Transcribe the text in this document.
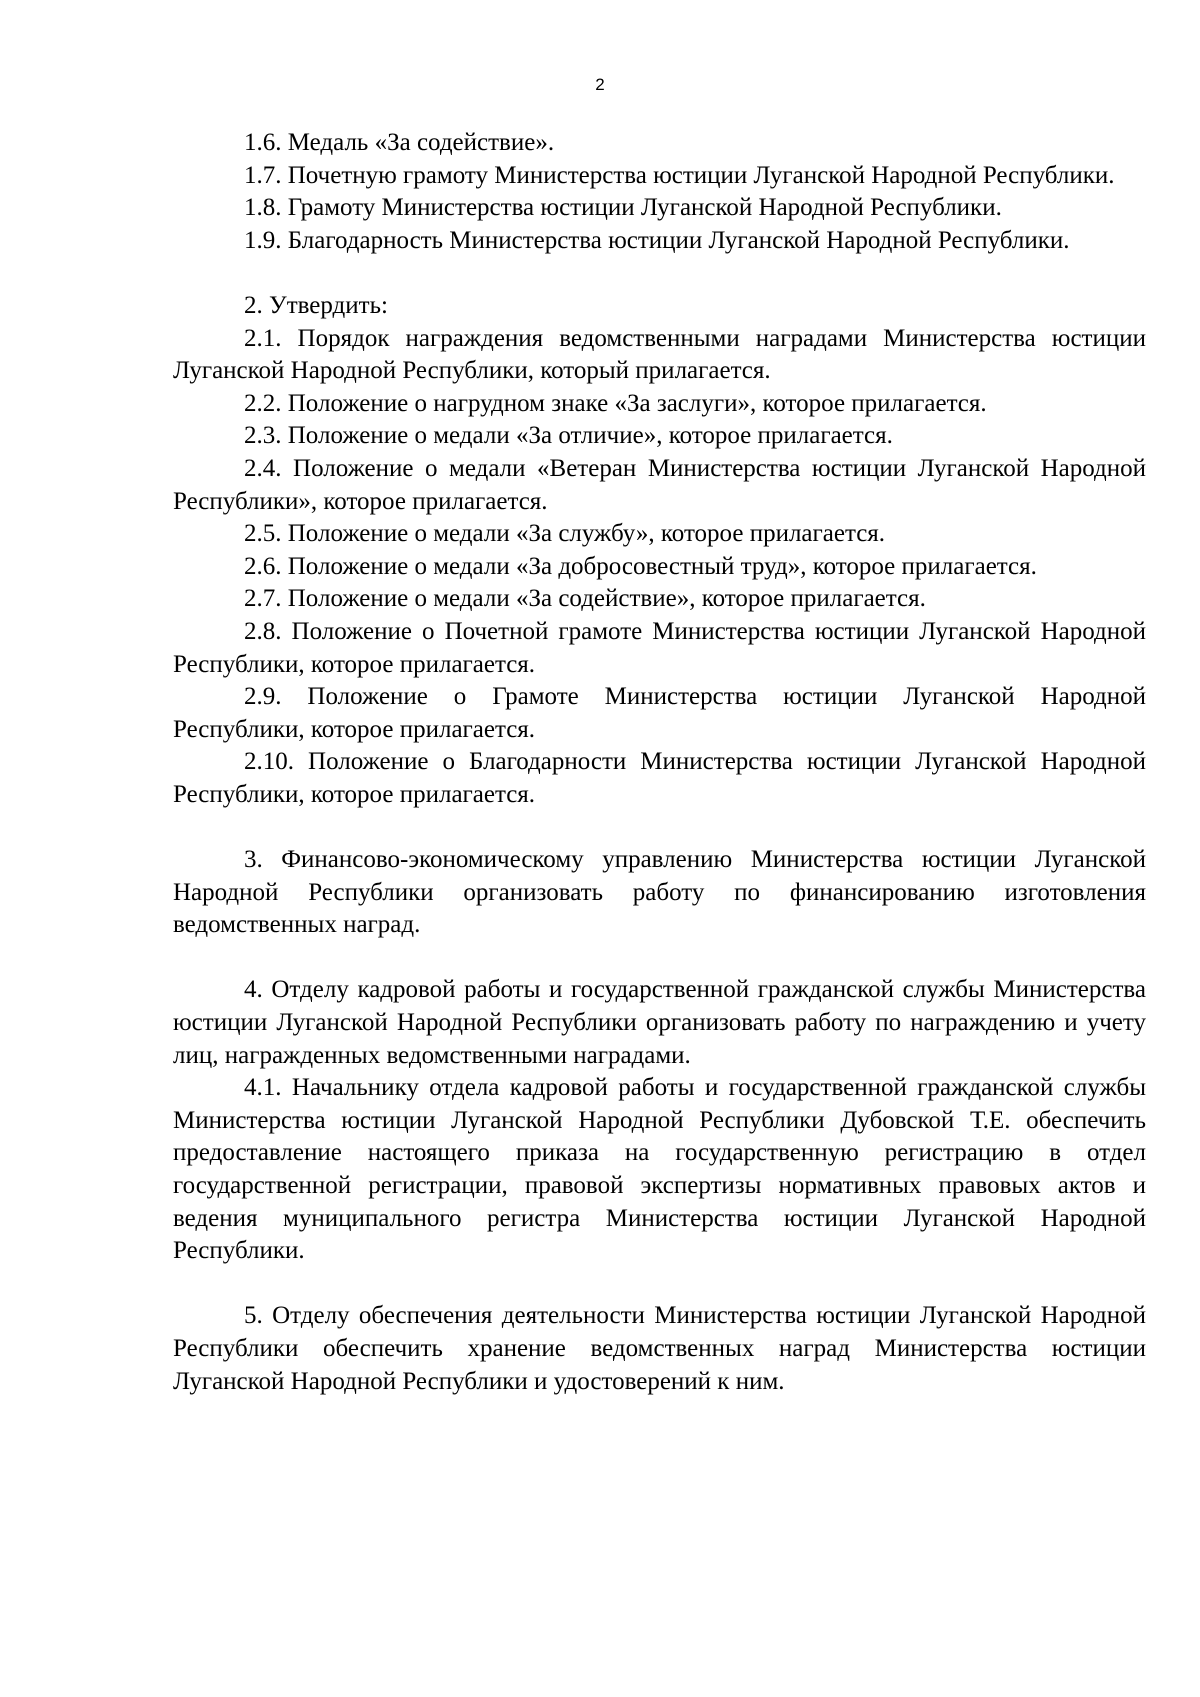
2

1.6. Медаль «За содействие».

1.7. Почетную грамоту Министерства юстиции Луганской Народной Республики.

1.8. Грамоту Министерства юстиции Луганской Народной Республики.

1.9. Благодарность Министерства юстиции Луганской Народной Республики.

2. Утвердить:

2.1. Порядок награждения ведомственными наградами Министерства юстиции Луганской Народной Республики, который прилагается.

2.2. Положение о нагрудном знаке «За заслуги», которое прилагается.

2.3. Положение о медали «За отличие», которое прилагается.

2.4. Положение о медали «Ветеран Министерства юстиции Луганской Народной Республики», которое прилагается.

2.5. Положение о медали «За службу», которое прилагается.

2.6. Положение о медали «За добросовестный труд», которое прилагается.

2.7. Положение о медали «За содействие», которое прилагается.

2.8. Положение о Почетной грамоте Министерства юстиции Луганской Народной Республики, которое прилагается.

2.9. Положение о Грамоте Министерства юстиции Луганской Народной Республики, которое прилагается.

2.10. Положение о Благодарности Министерства юстиции Луганской Народной Республики, которое прилагается.

3. Финансово-экономическому управлению Министерства юстиции Луганской Народной Республики организовать работу по финансированию изготовления ведомственных наград.

4. Отделу кадровой работы и государственной гражданской службы Министерства юстиции Луганской Народной Республики организовать работу по награждению и учету лиц, награжденных ведомственными наградами.

4.1. Начальнику отдела кадровой работы и государственной гражданской службы Министерства юстиции Луганской Народной Республики Дубовской Т.Е. обеспечить предоставление настоящего приказа на государственную регистрацию в отдел государственной регистрации, правовой экспертизы нормативных правовых актов и ведения муниципального регистра Министерства юстиции Луганской Народной Республики.

5. Отделу обеспечения деятельности Министерства юстиции Луганской Народной Республики обеспечить хранение ведомственных наград Министерства юстиции Луганской Народной Республики и удостоверений к ним.
